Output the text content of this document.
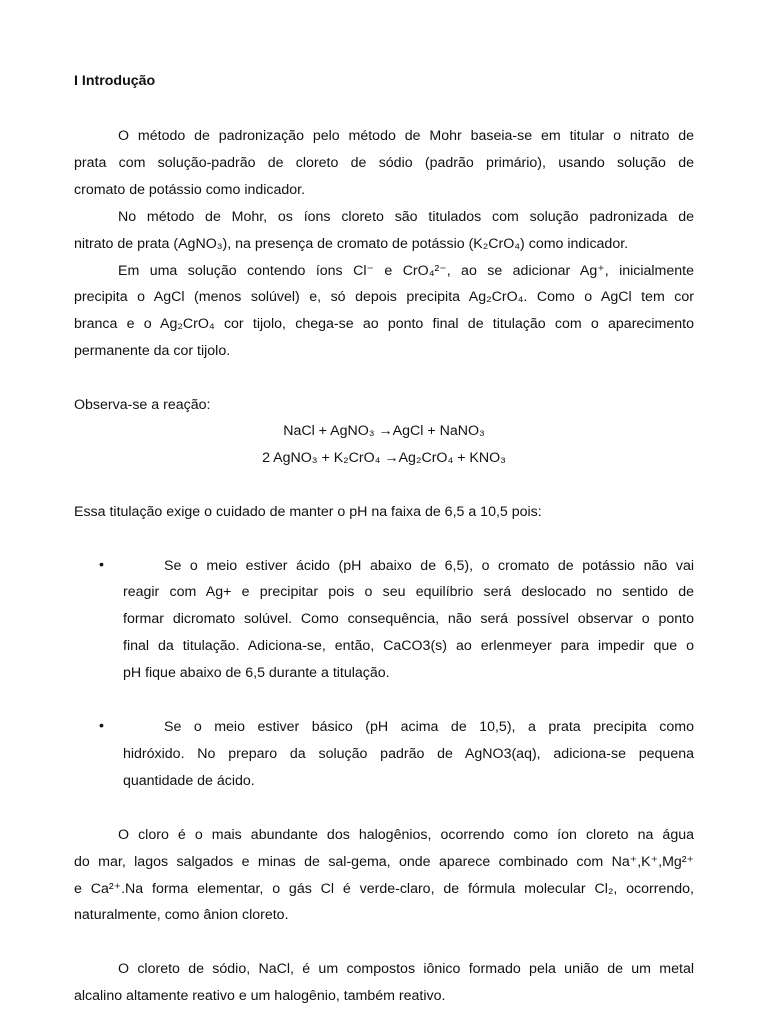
I Introdução
O método de padronização pelo método de Mohr baseia-se em titular o nitrato de
prata com solução-padrão de cloreto de sódio (padrão primário), usando solução de
cromato de potássio como indicador.
No método de Mohr, os íons cloreto são titulados com solução padronizada de
nitrato de prata (AgNO₃), na presença de cromato de potássio (K₂CrO₄) como indicador.
Em uma solução contendo íons Cl⁻ e CrO₄²⁻, ao se adicionar Ag⁺, inicialmente
precipita o AgCl (menos solúvel) e, só depois precipita Ag₂CrO₄. Como o AgCl tem cor
branca e o Ag₂CrO₄ cor tijolo, chega-se ao ponto final de titulação com o aparecimento
permanente da cor tijolo.
Observa-se a reação:
NaCl + AgNO₃ →AgCl + NaNO₃
2 AgNO₃ + K₂CrO₄ →Ag₂CrO₄ + KNO₃
Essa titulação exige o cuidado de manter o pH na faixa de 6,5 a 10,5 pois:
•	Se o meio estiver ácido (pH abaixo de 6,5), o cromato de potássio não vai
reagir com Ag+ e precipitar pois o seu equilíbrio será deslocado no sentido de
formar dicromato solúvel. Como consequência, não será possível observar o ponto
final da titulação. Adiciona-se, então, CaCO3(s) ao erlenmeyer para impedir que o
pH fique abaixo de 6,5 durante a titulação.
•	Se o meio estiver básico (pH acima de 10,5), a prata precipita como
hidróxido. No preparo da solução padrão de AgNO3(aq), adiciona-se pequena
quantidade de ácido.
O cloro é o mais abundante dos halogênios, ocorrendo como íon cloreto na água
do mar, lagos salgados e minas de sal-gema, onde aparece combinado com Na⁺,K⁺,Mg²⁺
e Ca²⁺.Na forma elementar, o gás Cl é verde-claro, de fórmula molecular Cl₂, ocorrendo,
naturalmente, como ânion cloreto.
O cloreto de sódio, NaCl, é um compostos iônico formado pela união de um metal
alcalino altamente reativo e um halogênio, também reativo.
